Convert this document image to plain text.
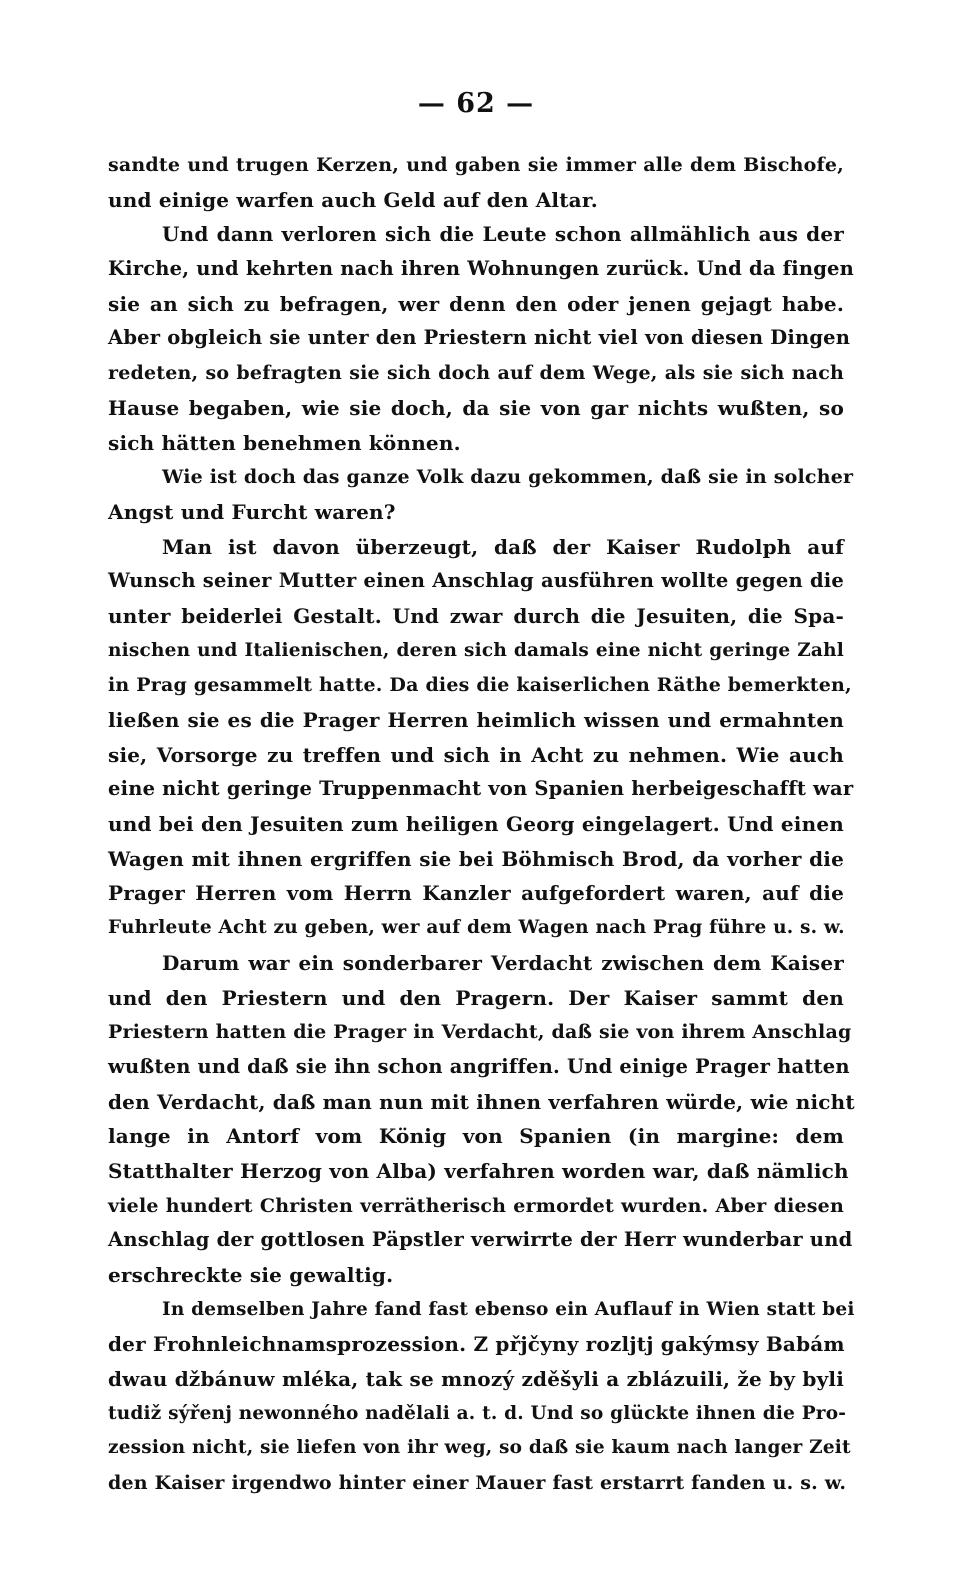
— 62 —
sandte und trugen Kerzen, und gaben sie immer alle dem Bischofe,
und einige warfen auch Geld auf den Altar.
Und dann verloren sich die Leute schon allmählich aus der
Kirche, und kehrten nach ihren Wohnungen zurück. Und da fingen
sie an sich zu befragen, wer denn den oder jenen gejagt habe.
Aber obgleich sie unter den Priestern nicht viel von diesen Dingen
redeten, so befragten sie sich doch auf dem Wege, als sie sich nach
Hause begaben, wie sie doch, da sie von gar nichts wußten, so
sich hätten benehmen können.
Wie ist doch das ganze Volk dazu gekommen, daß sie in solcher
Angst und Furcht waren?
Man ist davon überzeugt, daß der Kaiser Rudolph auf
Wunsch seiner Mutter einen Anschlag ausführen wollte gegen die
unter beiderlei Gestalt. Und zwar durch die Jesuiten, die Spa-
nischen und Italienischen, deren sich damals eine nicht geringe Zahl
in Prag gesammelt hatte. Da dies die kaiserlichen Räthe bemerkten,
ließen sie es die Prager Herren heimlich wissen und ermahnten
sie, Vorsorge zu treffen und sich in Acht zu nehmen. Wie auch
eine nicht geringe Truppenmacht von Spanien herbeigeschafft war
und bei den Jesuiten zum heiligen Georg eingelagert. Und einen
Wagen mit ihnen ergriffen sie bei Böhmisch Brod, da vorher die
Prager Herren vom Herrn Kanzler aufgefordert waren, auf die
Fuhrleute Acht zu geben, wer auf dem Wagen nach Prag führe u. s. w.
Darum war ein sonderbarer Verdacht zwischen dem Kaiser
und den Priestern und den Pragern. Der Kaiser sammt den
Priestern hatten die Prager in Verdacht, daß sie von ihrem Anschlag
wußten und daß sie ihn schon angriffen. Und einige Prager hatten
den Verdacht, daß man nun mit ihnen verfahren würde, wie nicht
lange in Antorf vom König von Spanien (in margine: dem
Statthalter Herzog von Alba) verfahren worden war, daß nämlich
viele hundert Christen verrätherisch ermordet wurden. Aber diesen
Anschlag der gottlosen Päpstler verwirrte der Herr wunderbar und
erschreckte sie gewaltig.
In demselben Jahre fand fast ebenso ein Auflauf in Wien statt bei
der Frohnleichnamsprozession. Z přjčyny rozljtj gakýmsy Babám
dwau džbánuw mléka, tak se mnozý zděšyli a zblázuili, že by byli
tudiž sýřenj newonného nadělali a. t. d. Und so glückte ihnen die Pro-
zession nicht, sie liefen von ihr weg, so daß sie kaum nach langer Zeit
den Kaiser irgendwo hinter einer Mauer fast erstarrt fanden u. s. w.
